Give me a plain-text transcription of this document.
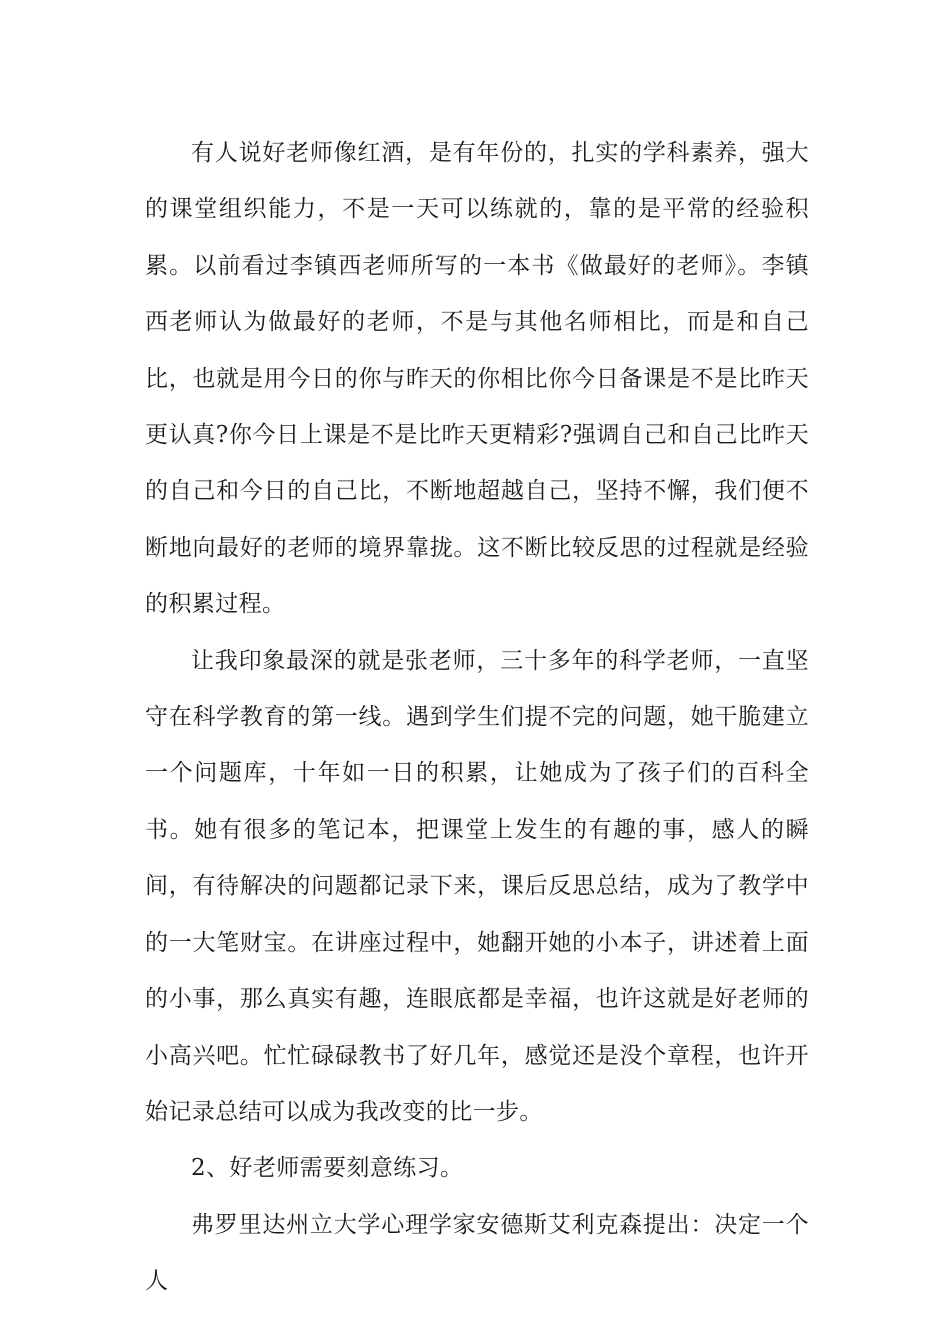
有人说好老师像红酒，是有年份的，扎实的学科素养，强大的课堂组织能力，不是一天可以练就的，靠的是平常的经验积累。以前看过李镇西老师所写的一本书《做最好的老师》。李镇西老师认为做最好的老师，不是与其他名师相比，而是和自己比，也就是用今日的你与昨天的你相比你今日备课是不是比昨天更认真?你今日上课是不是比昨天更精彩?强调自己和自己比昨天的自己和今日的自己比，不断地超越自己，坚持不懈，我们便不断地向最好的老师的境界靠拢。这不断比较反思的过程就是经验的积累过程。

让我印象最深的就是张老师，三十多年的科学老师，一直坚守在科学教育的第一线。遇到学生们提不完的问题，她干脆建立一个问题库，十年如一日的积累，让她成为了孩子们的百科全书。她有很多的笔记本，把课堂上发生的有趣的事，感人的瞬间，有待解决的问题都记录下来，课后反思总结，成为了教学中的一大笔财宝。在讲座过程中，她翻开她的小本子，讲述着上面的小事，那么真实有趣，连眼底都是幸福，也许这就是好老师的小高兴吧。忙忙碌碌教书了好几年，感觉还是没个章程，也许开始记录总结可以成为我改变的比一步。

2、好老师需要刻意练习。

弗罗里达州立大学心理学家安德斯艾利克森提出：决定一个人
